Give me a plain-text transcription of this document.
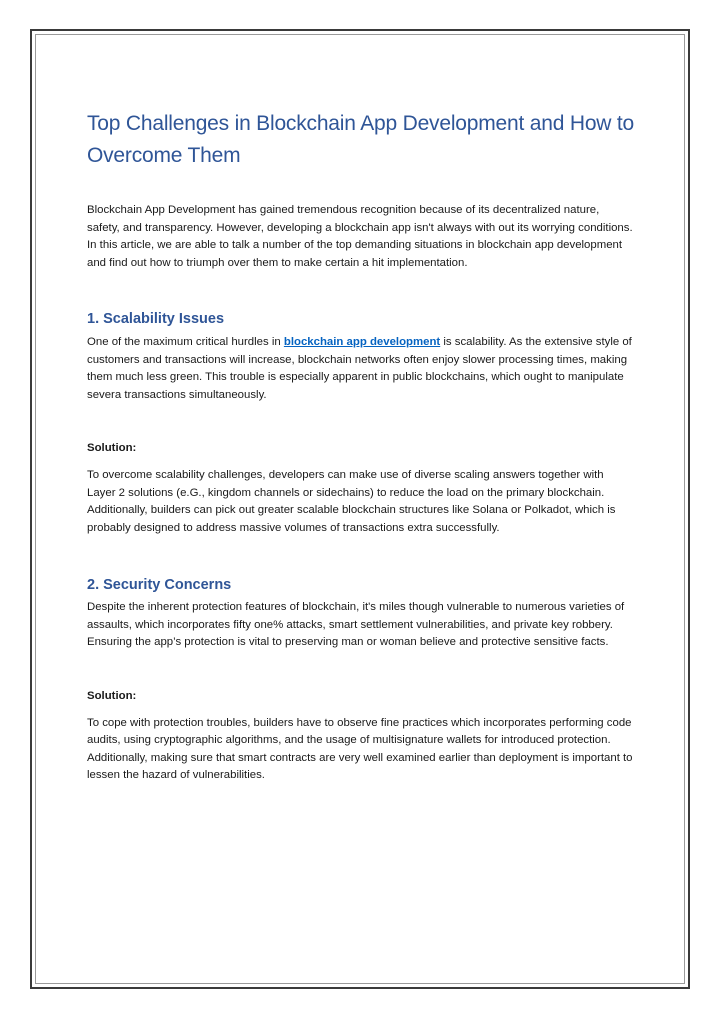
Top Challenges in Blockchain App Development and How to Overcome Them

Blockchain App Development has gained tremendous recognition because of its decentralized nature, safety, and transparency. However, developing a blockchain app isn't always with out its worrying conditions. In this article, we are able to talk a number of the top demanding situations in blockchain app development and find out how to triumph over them to make certain a hit implementation.

1. Scalability Issues

One of the maximum critical hurdles in blockchain app development is scalability. As the extensive style of customers and transactions will increase, blockchain networks often enjoy slower processing times, making them much less green. This trouble is especially apparent in public blockchains, which ought to manipulate severa transactions simultaneously.

Solution:

To overcome scalability challenges, developers can make use of diverse scaling answers together with Layer 2 solutions (e.G., kingdom channels or sidechains) to reduce the load on the primary blockchain. Additionally, builders can pick out greater scalable blockchain structures like Solana or Polkadot, which is probably designed to address massive volumes of transactions extra successfully.

2. Security Concerns

Despite the inherent protection features of blockchain, it's miles though vulnerable to numerous varieties of assaults, which incorporates fifty one% attacks, smart settlement vulnerabilities, and private key robbery. Ensuring the app’s protection is vital to preserving man or woman believe and protective sensitive facts.

Solution:

To cope with protection troubles, builders have to observe fine practices which incorporates performing code audits, using cryptographic algorithms, and the usage of multisignature wallets for introduced protection. Additionally, making sure that smart contracts are very well examined earlier than deployment is important to lessen the hazard of vulnerabilities.
